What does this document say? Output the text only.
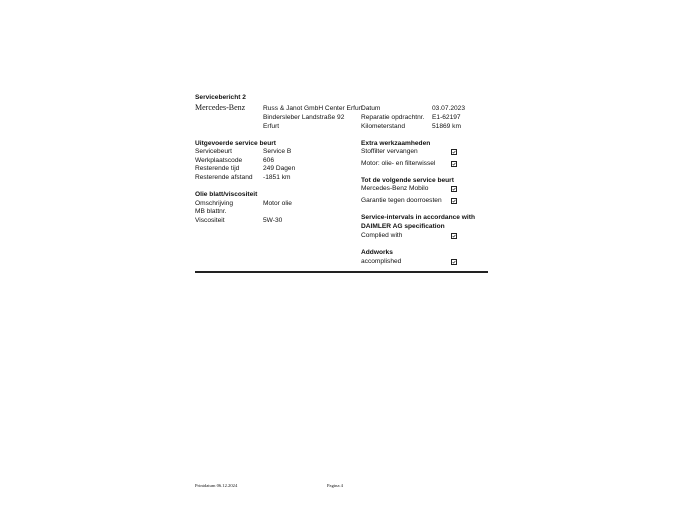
Servicebericht 2
Mercedes-Benz	Russ & Janot GmbH Center Erfurt
Bindersleber Landstraße 92
Erfurt
Datum	03.07.2023
Reparatie opdrachtnr. E1-62197
Kilometerstand	51869 km
Uitgevoerde service beurt
Servicebeurt	Service B
Werkplaatscode	606
Resterende tijd	249 Dagen
Resterende afstand -1851 km
Olie blatt/viscositeit
Omschrijving	Motor olie
MB blattnr.
Viscositeit	5W-30
Extra werkzaamheden
Stoffilter vervangen
Motor: olie- en filterwissel
Tot de volgende service beurt
Mercedes-Benz Mobilo
Garantie tegen doorroesten
Service-intervals in accordance with
DAIMLER AG specification
Complied with
Addworks
accomplished
Printdatum 06.12.2024	Pagina 4
